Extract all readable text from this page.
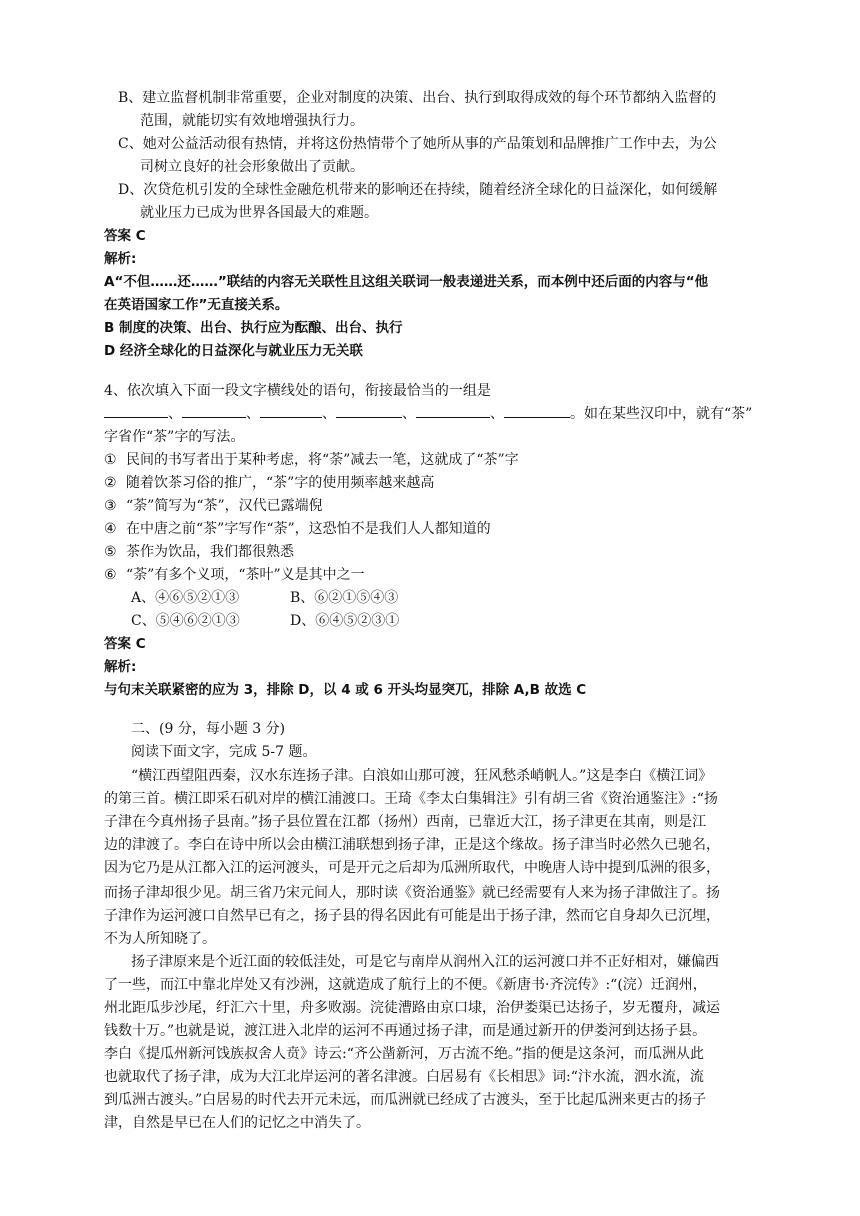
B、建立监督机制非常重要，企业对制度的决策、出台、执行到取得成效的每个环节都纳入监督的
范围，就能切实有效地增强执行力。
C、她对公益活动很有热情，并将这份热情带个了她所从事的产品策划和品牌推广工作中去，为公
司树立良好的社会形象做出了贡献。
D、次贷危机引发的全球性金融危机带来的影响还在持续，随着经济全球化的日益深化，如何缓解
就业压力已成为世界各国最大的难题。
答案 C
解析:
A“不但……还……”联结的内容无关联性且这组关联词一般表递进关系，而本例中还后面的内容与“他
在英语国家工作”无直接关系。
B 制度的决策、出台、执行应为酝酿、出台、执行
D 经济全球化的日益深化与就业压力无关联
4、依次填入下面一段文字横线处的语句，衔接最恰当的一组是
、	、	、	、	、	。如在某些汉印中，就有“茶”
字省作“茶”字的写法。
① 民间的书写者出于某种考虑，将“荼”减去一笔，这就成了“茶”字
② 随着饮茶习俗的推广，“茶”字的使用频率越来越高
③ “荼”简写为“茶”，汉代已露端倪
④ 在中唐之前“茶”字写作“荼”，这恐怕不是我们人人都知道的
⑤ 茶作为饮品，我们都很熟悉
⑥ “荼”有多个义项，“茶叶”义是其中之一
A、④⑥⑤②①③	B、⑥②①⑤④③
C、⑤④⑥②①③	D、⑥④⑤②③①
答案 C
解析:
与句末关联紧密的应为 3，排除 D，以 4 或 6 开头均显突兀，排除 A,B 故选 C
二、(9 分，每小题 3 分)
阅读下面文字，完成 5-7 题。
“横江西望阻西秦，汉水东连扬子津。白浪如山那可渡，狂风愁杀峭帆人。”这是李白《横江词》
的第三首。横江即采石矶对岸的横江浦渡口。王琦《李太白集辑注》引有胡三省《资治通鉴注》:“扬
子津在今真州扬子县南。”扬子县位置在江都（扬州）西南，已靠近大江，扬子津更在其南，则是江
边的津渡了。李白在诗中所以会由横江浦联想到扬子津，正是这个缘故。扬子津当时必然久已驰名，
因为它乃是从江都入江的运河渡头，可是开元之后却为瓜洲所取代，中晚唐人诗中提到瓜洲的很多，
而扬子津却很少见。胡三省乃宋元间人，那时读《资治通鉴》就已经需要有人来为扬子津做注了。扬
子津作为运河渡口自然早已有之，扬子县的得名因此有可能是出于扬子津，然而它自身却久已沉埋，
不为人所知晓了。
扬子津原来是个近江面的较低洼处，可是它与南岸从润州入江的运河渡口并不正好相对，嫌偏西
了一些，而江中靠北岸处又有沙洲，这就造成了航行上的不便。《新唐书·齐浣传》:“(浣）迁润州，
州北距瓜步沙尾，纡汇六十里，舟多败溺。浣徒漕路由京口埭，治伊娄渠已达扬子，岁无覆舟，减运
钱数十万。”也就是说，渡江进入北岸的运河不再通过扬子津，而是通过新开的伊娄河到达扬子县。
李白《提瓜州新河饯族叔舍人贲》诗云:“齐公凿新河，万古流不绝。”指的便是这条河，而瓜洲从此
也就取代了扬子津，成为大江北岸运河的著名津渡。白居易有《长相思》词:“汴水流，泗水流，流
到瓜洲古渡头。”白居易的时代去开元未远，而瓜洲就已经成了古渡头，至于比起瓜洲来更古的扬子
津，自然是早已在人们的记忆之中消失了。
